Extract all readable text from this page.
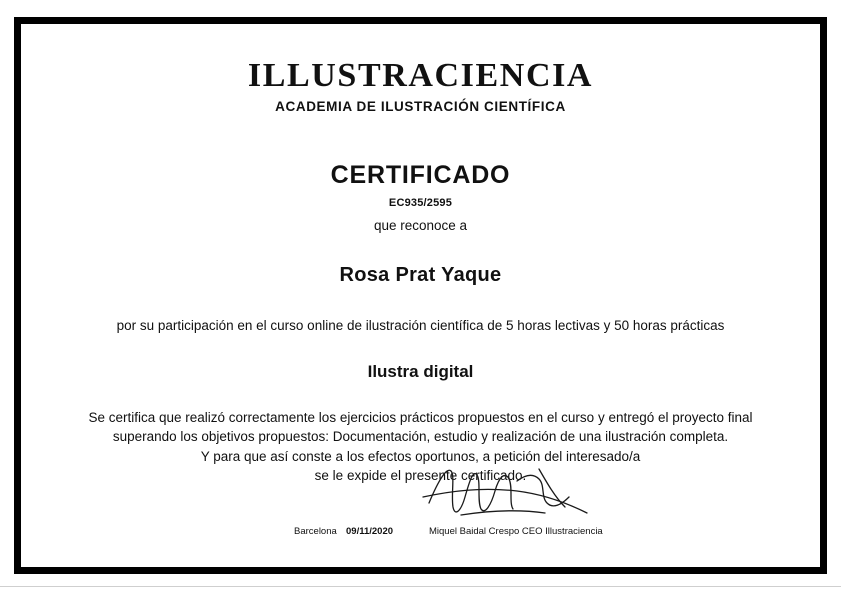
ILLUSTRACIENCIA
ACADEMIA DE ILUSTRACIÓN CIENTÍFICA
CERTIFICADO
EC935/2595
que reconoce a
Rosa Prat Yaque
por su participación en el curso online de ilustración científica de 5 horas lectivas y 50 horas prácticas
Ilustra digital
Se certifica que realizó correctamente los ejercicios prácticos propuestos en el curso y entregó el proyecto final
superando los objetivos propuestos: Documentación, estudio y realización de una ilustración completa.
Y para que así conste a los efectos oportunos, a petición del interesado/a
se le expide el presente certificado.
Barcelona 09/11/2020	Miquel Baidal Crespo CEO Illustraciencia
